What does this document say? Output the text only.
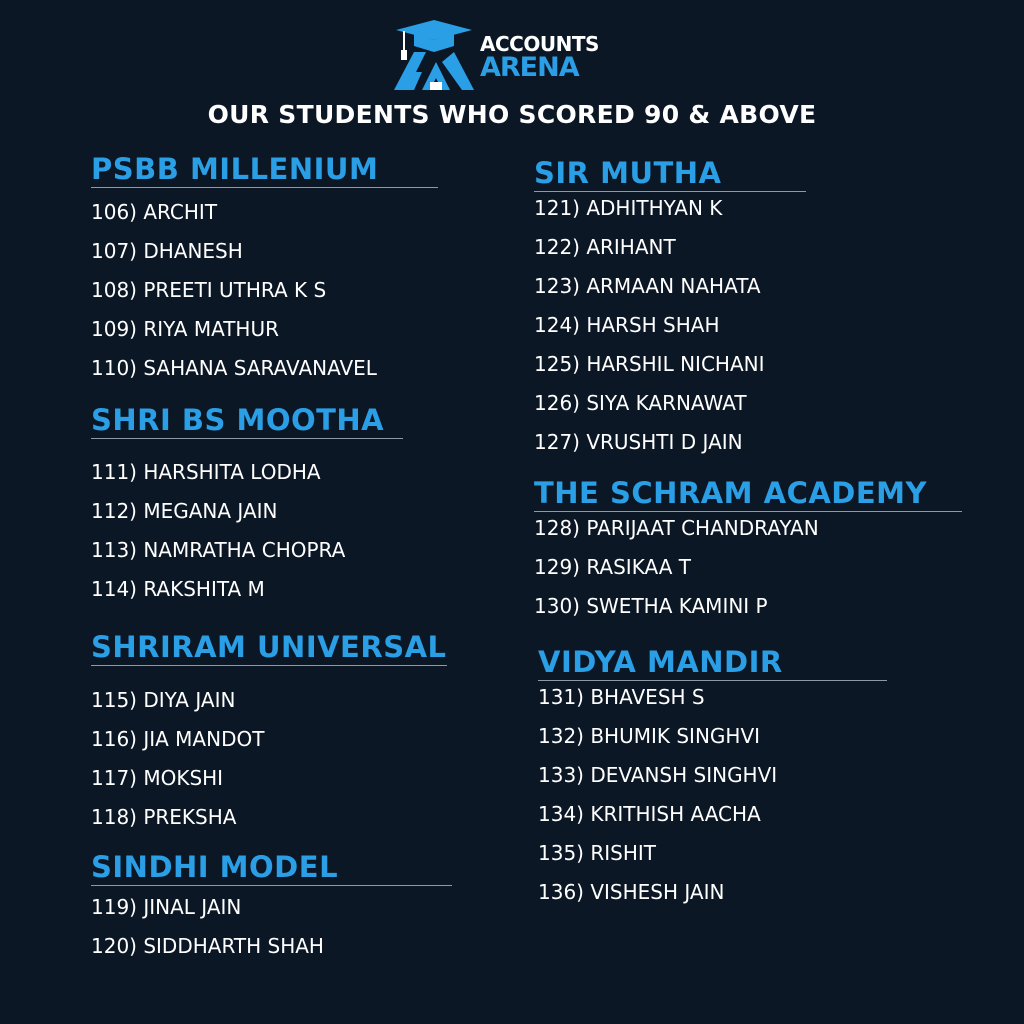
ACCOUNTS
ARENA
OUR STUDENTS WHO SCORED 90 & ABOVE
PSBB MILLENIUM
106) ARCHIT
107) DHANESH
108) PREETI UTHRA K S
109) RIYA MATHUR
110) SAHANA SARAVANAVEL
SHRI BS MOOTHA
111) HARSHITA LODHA
112) MEGANA JAIN
113) NAMRATHA CHOPRA
114) RAKSHITA M
SHRIRAM UNIVERSAL
115) DIYA JAIN
116) JIA MANDOT
117) MOKSHI
118) PREKSHA
SINDHI MODEL
119) JINAL JAIN
120) SIDDHARTH SHAH
SIR MUTHA
121) ADHITHYAN K
122) ARIHANT
123) ARMAAN NAHATA
124) HARSH SHAH
125) HARSHIL NICHANI
126) SIYA KARNAWAT
127) VRUSHTI D JAIN
THE SCHRAM ACADEMY
128) PARIJAAT CHANDRAYAN
129) RASIKAA T
130) SWETHA KAMINI P
VIDYA MANDIR
131) BHAVESH S
132) BHUMIK SINGHVI
133) DEVANSH SINGHVI
134) KRITHISH AACHA
135) RISHIT
136) VISHESH JAIN
